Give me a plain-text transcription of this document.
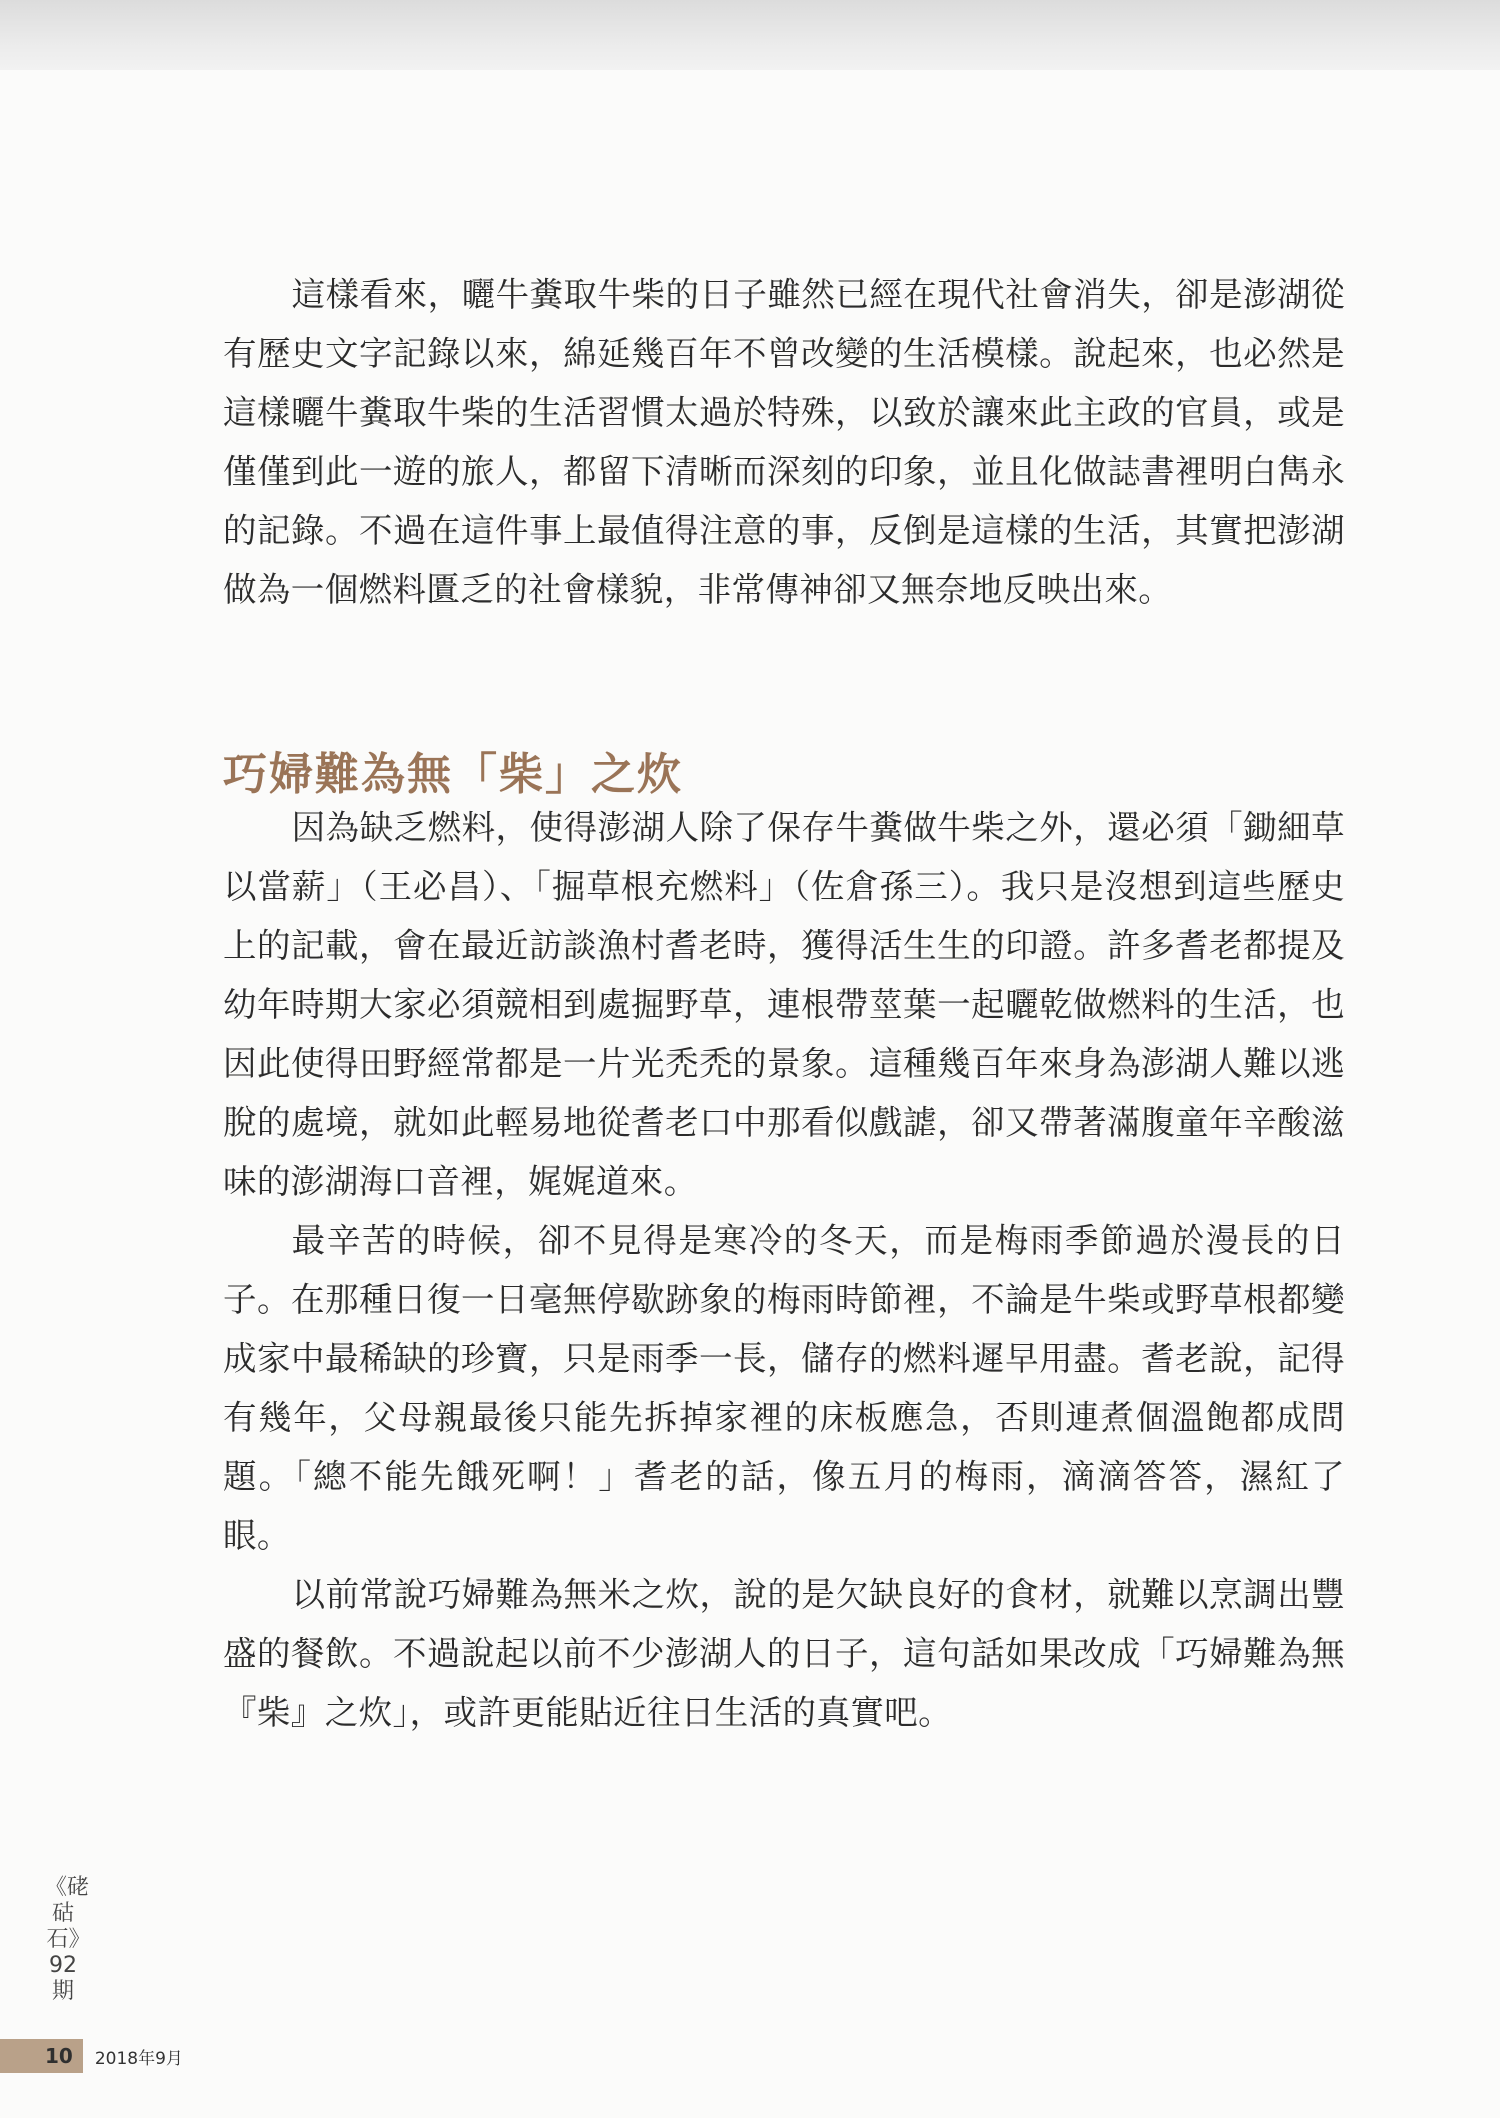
這樣看來，曬牛糞取牛柴的日子雖然已經在現代社會消失，卻是澎湖從有歷史文字記錄以來，綿延幾百年不曾改變的生活模樣。說起來，也必然是這樣曬牛糞取牛柴的生活習慣太過於特殊，以致於讓來此主政的官員，或是僅僅到此一遊的旅人，都留下清晰而深刻的印象，並且化做誌書裡明白雋永的記錄。不過在這件事上最值得注意的事，反倒是這樣的生活，其實把澎湖做為一個燃料匱乏的社會樣貌，非常傳神卻又無奈地反映出來。

巧婦難為無「柴」之炊

因為缺乏燃料，使得澎湖人除了保存牛糞做牛柴之外，還必須「鋤細草以當薪」（王必昌）、「掘草根充燃料」（佐倉孫三）。我只是沒想到這些歷史上的記載，會在最近訪談漁村耆老時，獲得活生生的印證。許多耆老都提及幼年時期大家必須競相到處掘野草，連根帶莖葉一起曬乾做燃料的生活，也因此使得田野經常都是一片光禿禿的景象。這種幾百年來身為澎湖人難以逃脫的處境，就如此輕易地從耆老口中那看似戲謔，卻又帶著滿腹童年辛酸滋味的澎湖海口音裡，娓娓道來。

最辛苦的時候，卻不見得是寒冷的冬天，而是梅雨季節過於漫長的日子。在那種日復一日毫無停歇跡象的梅雨時節裡，不論是牛柴或野草根都變成家中最稀缺的珍寶，只是雨季一長，儲存的燃料遲早用盡。耆老說，記得有幾年，父母親最後只能先拆掉家裡的床板應急，否則連煮個溫飽都成問題。「總不能先餓死啊！」耆老的話，像五月的梅雨，滴滴答答，濕紅了眼。

以前常說巧婦難為無米之炊，說的是欠缺良好的食材，就難以烹調出豐盛的餐飲。不過說起以前不少澎湖人的日子，這句話如果改成「巧婦難為無『柴』之炊」，或許更能貼近往日生活的真實吧。

《硓𥑮石》92期
10	2018年9月
